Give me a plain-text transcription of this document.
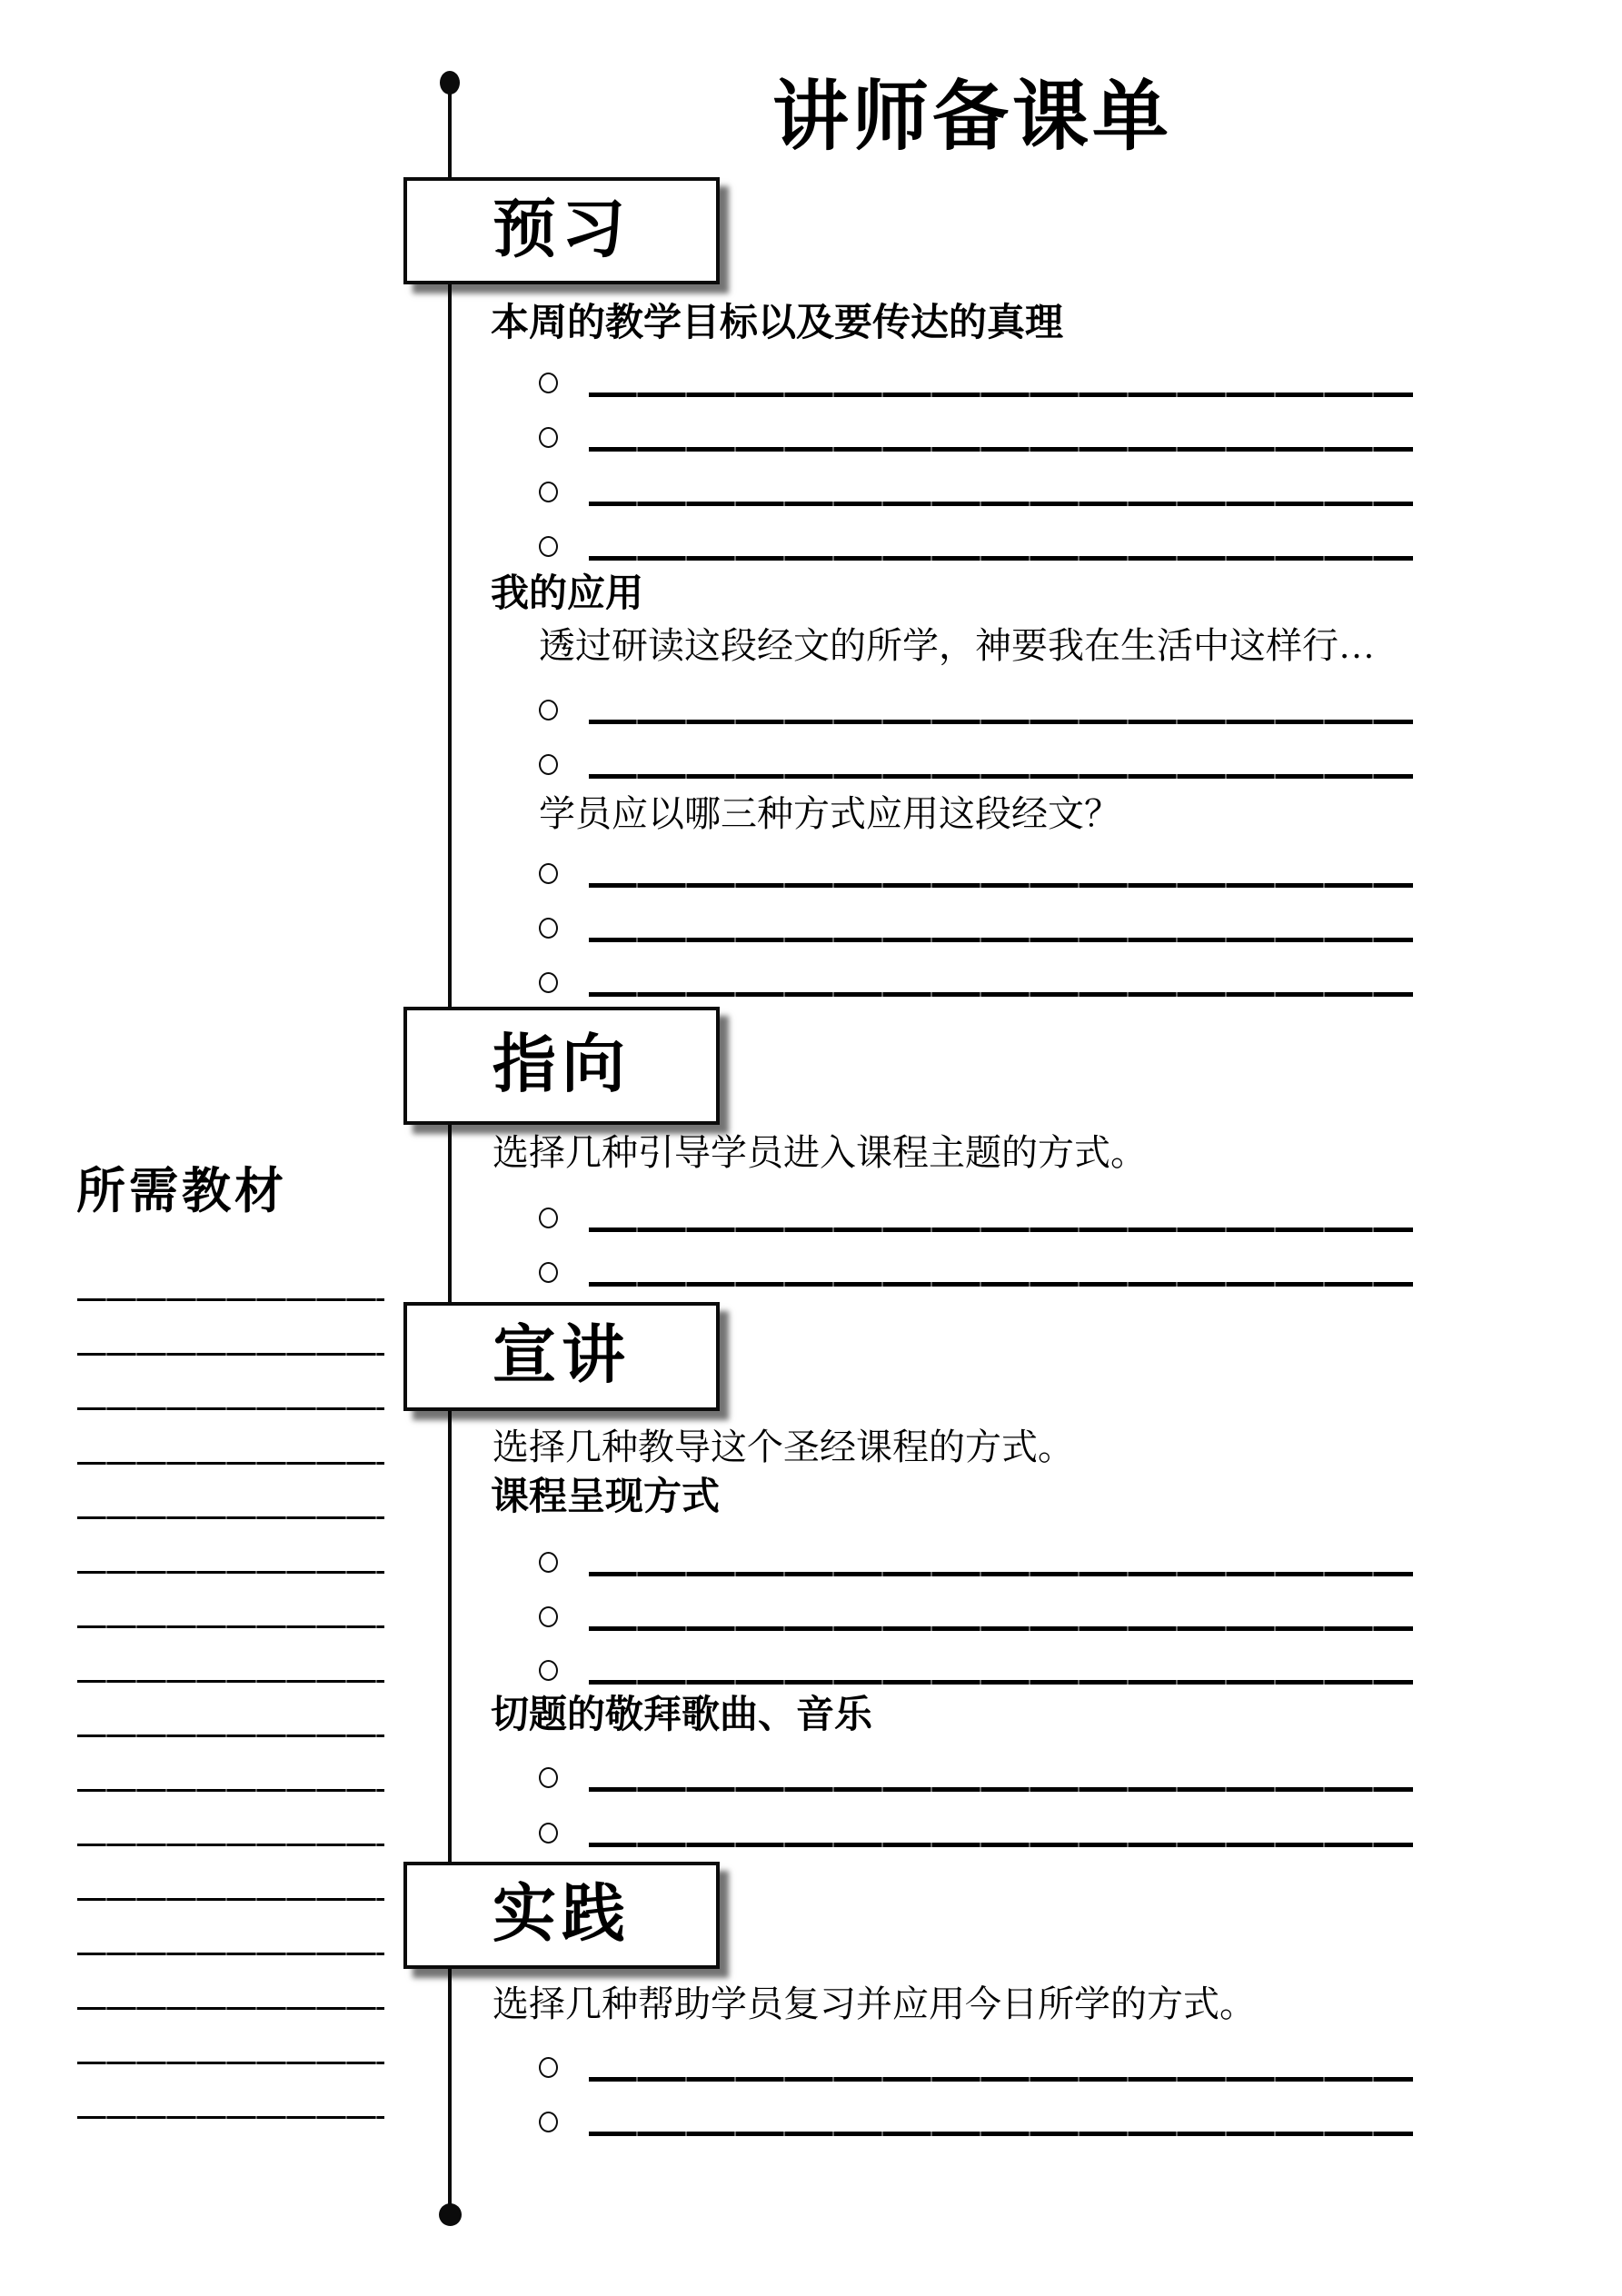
讲师备课单
预习
指向
宣讲
实践
本周的教学目标以及要传达的真理
我的应用
透过研读这段经文的所学，神要我在生活中这样行…
学员应以哪三种方式应用这段经文？
选择几种引导学员进入课程主题的方式。
所需教材
选择几种教导这个圣经课程的方式。
课程呈现方式
切题的敬拜歌曲、音乐
选择几种帮助学员复习并应用今日所学的方式。
